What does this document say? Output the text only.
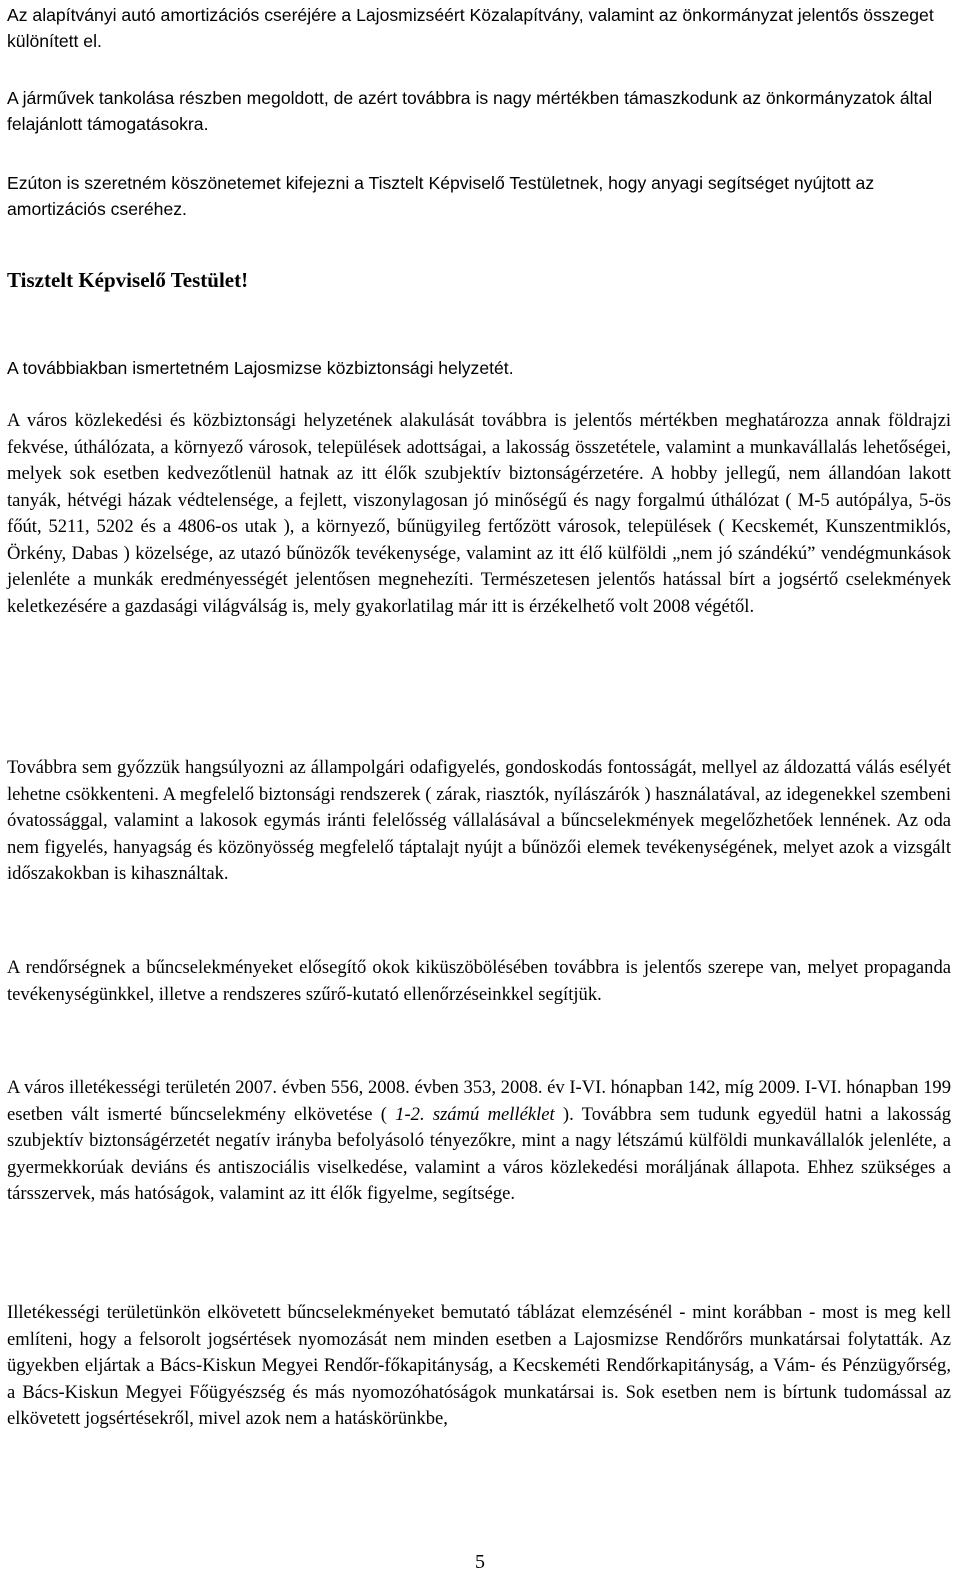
Az alapítványi autó amortizációs cseréjére a Lajosmizséért Közalapítvány, valamint az önkormányzat jelentős összeget különített el.

A járművek tankolása részben megoldott, de azért továbbra is nagy mértékben támaszkodunk az önkormányzatok által felajánlott támogatásokra.

Ezúton is szeretném köszönetemet kifejezni a Tisztelt Képviselő Testületnek, hogy anyagi segítséget nyújtott az amortizációs cseréhez.

Tisztelt Képviselő Testület!

A továbbiakban ismertetném Lajosmizse közbiztonsági helyzetét.

A város közlekedési és közbiztonsági helyzetének alakulását továbbra is jelentős mértékben meghatározza annak földrajzi fekvése, úthálózata, a környező városok, települések adottságai, a lakosság összetétele, valamint a munkavállalás lehetőségei, melyek sok esetben kedvezőtlenül hatnak az itt élők szubjektív biztonságérzetére. A hobby jellegű, nem állandóan lakott tanyák, hétvégi házak védtelensége, a fejlett, viszonylagosan jó minőségű és nagy forgalmú úthálózat ( M-5 autópálya, 5-ös főút, 5211, 5202 és a 4806-os utak ), a környező, bűnügyileg fertőzött városok, települések ( Kecskemét, Kunszentmiklós, Örkény, Dabas ) közelsége, az utazó bűnözők tevékenysége, valamint az itt élő külföldi „nem jó szándékú” vendégmunkások jelenléte a munkák eredményességét jelentősen megnehezíti. Természetesen jelentős hatással bírt a jogsértő cselekmények keletkezésére a gazdasági világválság is, mely gyakorlatilag már itt is érzékelhető volt 2008 végétől.

Továbbra sem győzzük hangsúlyozni az állampolgári odafigyelés, gondoskodás fontosságát, mellyel az áldozattá válás esélyét lehetne csökkenteni. A megfelelő biztonsági rendszerek ( zárak, riasztók, nyílászárók ) használatával, az idegenekkel szembeni óvatossággal, valamint a lakosok egymás iránti felelősség vállalásával a bűncselekmények megelőzhetőek lennének. Az oda nem figyelés, hanyagság és közönyösség megfelelő táptalajt nyújt a bűnözői elemek tevékenységének, melyet azok a vizsgált időszakokban is kihasználtak.

A rendőrségnek a bűncselekményeket elősegítő okok kiküszöbölésében továbbra is jelentős szerepe van, melyet propaganda tevékenységünkkel, illetve a rendszeres szűrő-kutató ellenőrzéseinkkel segítjük.

A város illetékességi területén 2007. évben 556, 2008. évben 353, 2008. év I-VI. hónapban 142, míg 2009. I-VI. hónapban 199 esetben vált ismerté bűncselekmény elkövetése ( 1-2. számú melléklet ). Továbbra sem tudunk egyedül hatni a lakosság szubjektív biztonságérzetét negatív irányba befolyásoló tényezőkre, mint a nagy létszámú külföldi munkavállalók jelenléte, a gyermekkorúak deviáns és antiszociális viselkedése, valamint a város közlekedési moráljának állapota. Ehhez szükséges a társszervek, más hatóságok, valamint az itt élők figyelme, segítsége.

Illetékességi területünkön elkövetett bűncselekményeket bemutató táblázat elemzésénél - mint korábban - most is meg kell említeni, hogy a felsorolt jogsértések nyomozását nem minden esetben a Lajosmizse Rendőrőrs munkatársai folytatták. Az ügyekben eljártak a Bács-Kiskun Megyei Rendőr-főkapitányság, a Kecskeméti Rendőrkapitányság, a Vám- és Pénzügyőrség, a Bács-Kiskun Megyei Főügyészség és más nyomozóhatóságok munkatársai is. Sok esetben nem is bírtunk tudomással az elkövetett jogsértésekről, mivel azok nem a hatáskörünkbe,

5
